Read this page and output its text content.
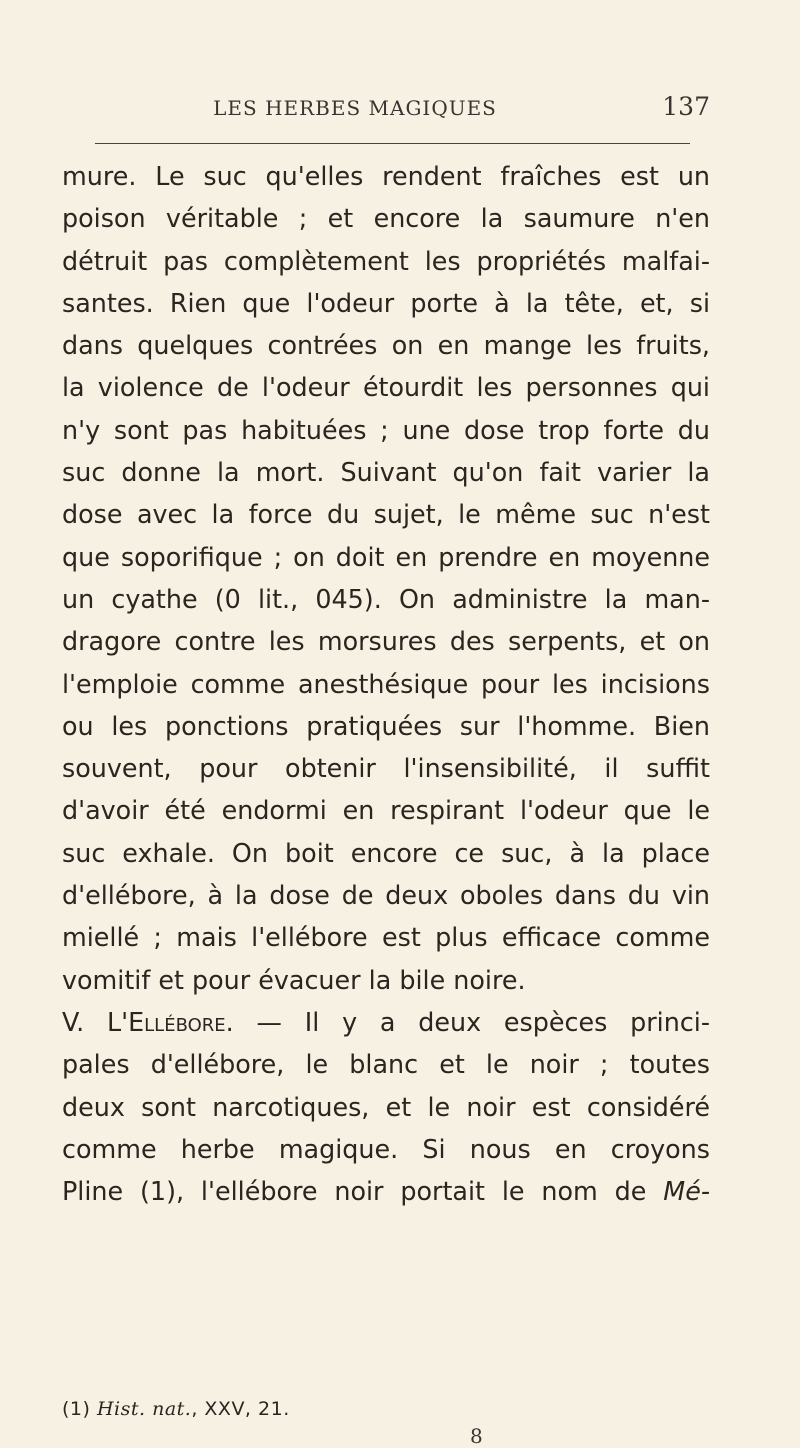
LES HERBES MAGIQUES	137
mure. Le suc qu'elles rendent fraîches est un
poison véritable ; et encore la saumure n'en
détruit pas complètement les propriétés malfai-
santes. Rien que l'odeur porte à la tête, et, si
dans quelques contrées on en mange les fruits,
la violence de l'odeur étourdit les personnes qui
n'y sont pas habituées ; une dose trop forte du
suc donne la mort. Suivant qu'on fait varier la
dose avec la force du sujet, le même suc n'est
que soporifique ; on doit en prendre en moyenne
un cyathe (0 lit., 045). On administre la man-
dragore contre les morsures des serpents, et on
l'emploie comme anesthésique pour les incisions
ou les ponctions pratiquées sur l'homme. Bien
souvent, pour obtenir l'insensibilité, il suffit
d'avoir été endormi en respirant l'odeur que le
suc exhale. On boit encore ce suc, à la place
d'ellébore, à la dose de deux oboles dans du vin
miellé ; mais l'ellébore est plus efficace comme
vomitif et pour évacuer la bile noire.
V. L'Ellébore. — Il y a deux espèces princi-
pales d'ellébore, le blanc et le noir ; toutes
deux sont narcotiques, et le noir est considéré
comme herbe magique. Si nous en croyons
Pline (1), l'ellébore noir portait le nom de Mé-
(1) Hist. nat., XXV, 21.
8
